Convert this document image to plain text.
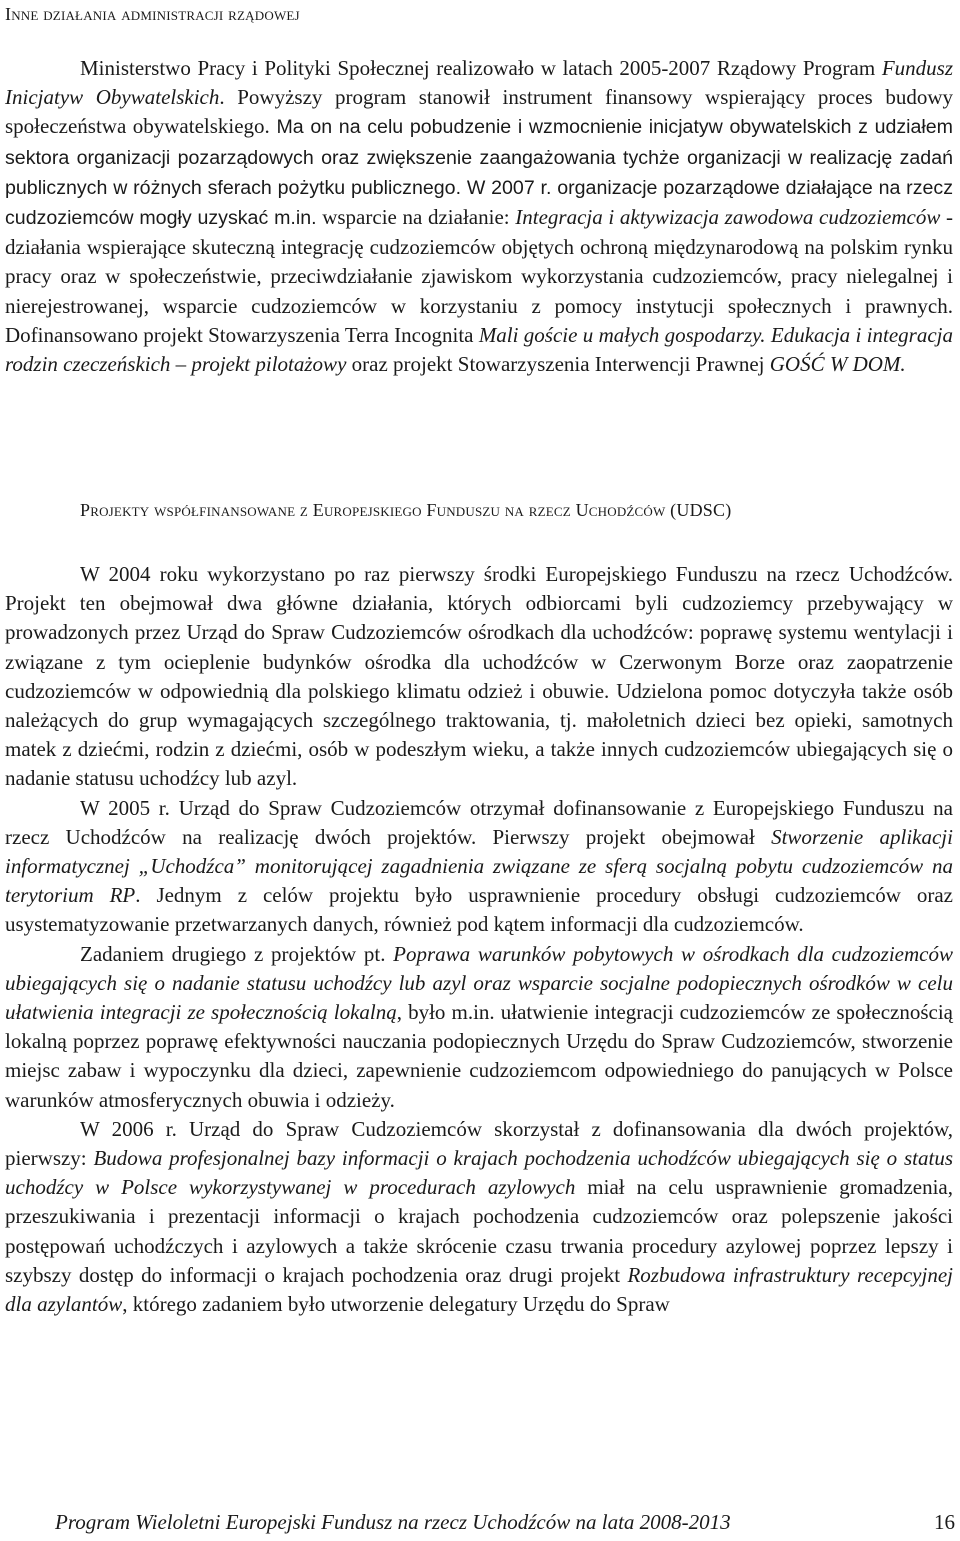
Inne działania administracji rządowej

Ministerstwo Pracy i Polityki Społecznej realizowało w latach 2005-2007 Rządowy Program Fundusz Inicjatyw Obywatelskich. Powyższy program stanowił instrument finansowy wspierający proces budowy społeczeństwa obywatelskiego. Ma on na celu pobudzenie i wzmocnienie inicjatyw obywatelskich z udziałem sektora organizacji pozarządowych oraz zwiększenie zaangażowania tychże organizacji w realizację zadań publicznych w różnych sferach pożytku publicznego. W 2007 r. organizacje pozarządowe działające na rzecz cudzoziemców mogły uzyskać m.in. wsparcie na działanie: Integracja i aktywizacja zawodowa cudzoziemców - działania wspierające skuteczną integrację cudzoziemców objętych ochroną międzynarodową na polskim rynku pracy oraz w społeczeństwie, przeciwdziałanie zjawiskom wykorzystania cudzoziemców, pracy nielegalnej i nierejestrowanej, wsparcie cudzoziemców w korzystaniu z pomocy instytucji społecznych i prawnych. Dofinansowano projekt Stowarzyszenia Terra Incognita Mali goście u małych gospodarzy. Edukacja i integracja rodzin czeczeńskich – projekt pilotażowy oraz projekt Stowarzyszenia Interwencji Prawnej GOŚĆ W DOM.

Projekty współfinansowane z Europejskiego Funduszu na rzecz Uchodźców (UDSC)

W 2004 roku wykorzystano po raz pierwszy środki Europejskiego Funduszu na rzecz Uchodźców. Projekt ten obejmował dwa główne działania, których odbiorcami byli cudzoziemcy przebywający w prowadzonych przez Urząd do Spraw Cudzoziemców ośrodkach dla uchodźców: poprawę systemu wentylacji i związane z tym ocieplenie budynków ośrodka dla uchodźców w Czerwonym Borze oraz zaopatrzenie cudzoziemców w odpowiednią dla polskiego klimatu odzież i obuwie. Udzielona pomoc dotyczyła także osób należących do grup wymagających szczególnego traktowania, tj. małoletnich dzieci bez opieki, samotnych matek z dziećmi, rodzin z dziećmi, osób w podeszłym wieku, a także innych cudzoziemców ubiegających się o nadanie statusu uchodźcy lub azyl.

W 2005 r. Urząd do Spraw Cudzoziemców otrzymał dofinansowanie z Europejskiego Funduszu na rzecz Uchodźców na realizację dwóch projektów. Pierwszy projekt obejmował Stworzenie aplikacji informatycznej „Uchodźca” monitorującej zagadnienia związane ze sferą socjalną pobytu cudzoziemców na terytorium RP. Jednym z celów projektu było usprawnienie procedury obsługi cudzoziemców oraz usystematyzowanie przetwarzanych danych, również pod kątem informacji dla cudzoziemców.

Zadaniem drugiego z projektów pt. Poprawa warunków pobytowych w ośrodkach dla cudzoziemców ubiegających się o nadanie statusu uchodźcy lub azyl oraz wsparcie socjalne podopiecznych ośrodków w celu ułatwienia integracji ze społecznością lokalną, było m.in. ułatwienie integracji cudzoziemców ze społecznością lokalną poprzez poprawę efektywności nauczania podopiecznych Urzędu do Spraw Cudzoziemców, stworzenie miejsc zabaw i wypoczynku dla dzieci, zapewnienie cudzoziemcom odpowiedniego do panujących w Polsce warunków atmosferycznych obuwia i odzieży.

W 2006 r. Urząd do Spraw Cudzoziemców skorzystał z dofinansowania dla dwóch projektów, pierwszy: Budowa profesjonalnej bazy informacji o krajach pochodzenia uchodźców ubiegających się o status uchodźcy w Polsce wykorzystywanej w procedurach azylowych miał na celu usprawnienie gromadzenia, przeszukiwania i prezentacji informacji o krajach pochodzenia cudzoziemców oraz polepszenie jakości postępowań uchodźczych i azylowych a także skrócenie czasu trwania procedury azylowej poprzez lepszy i szybszy dostęp do informacji o krajach pochodzenia oraz drugi projekt Rozbudowa infrastruktury recepcyjnej dla azylantów, którego zadaniem było utworzenie delegatury Urzędu do Spraw

Program Wieloletni Europejski Fundusz na rzecz Uchodźców na lata 2008-2013	16
